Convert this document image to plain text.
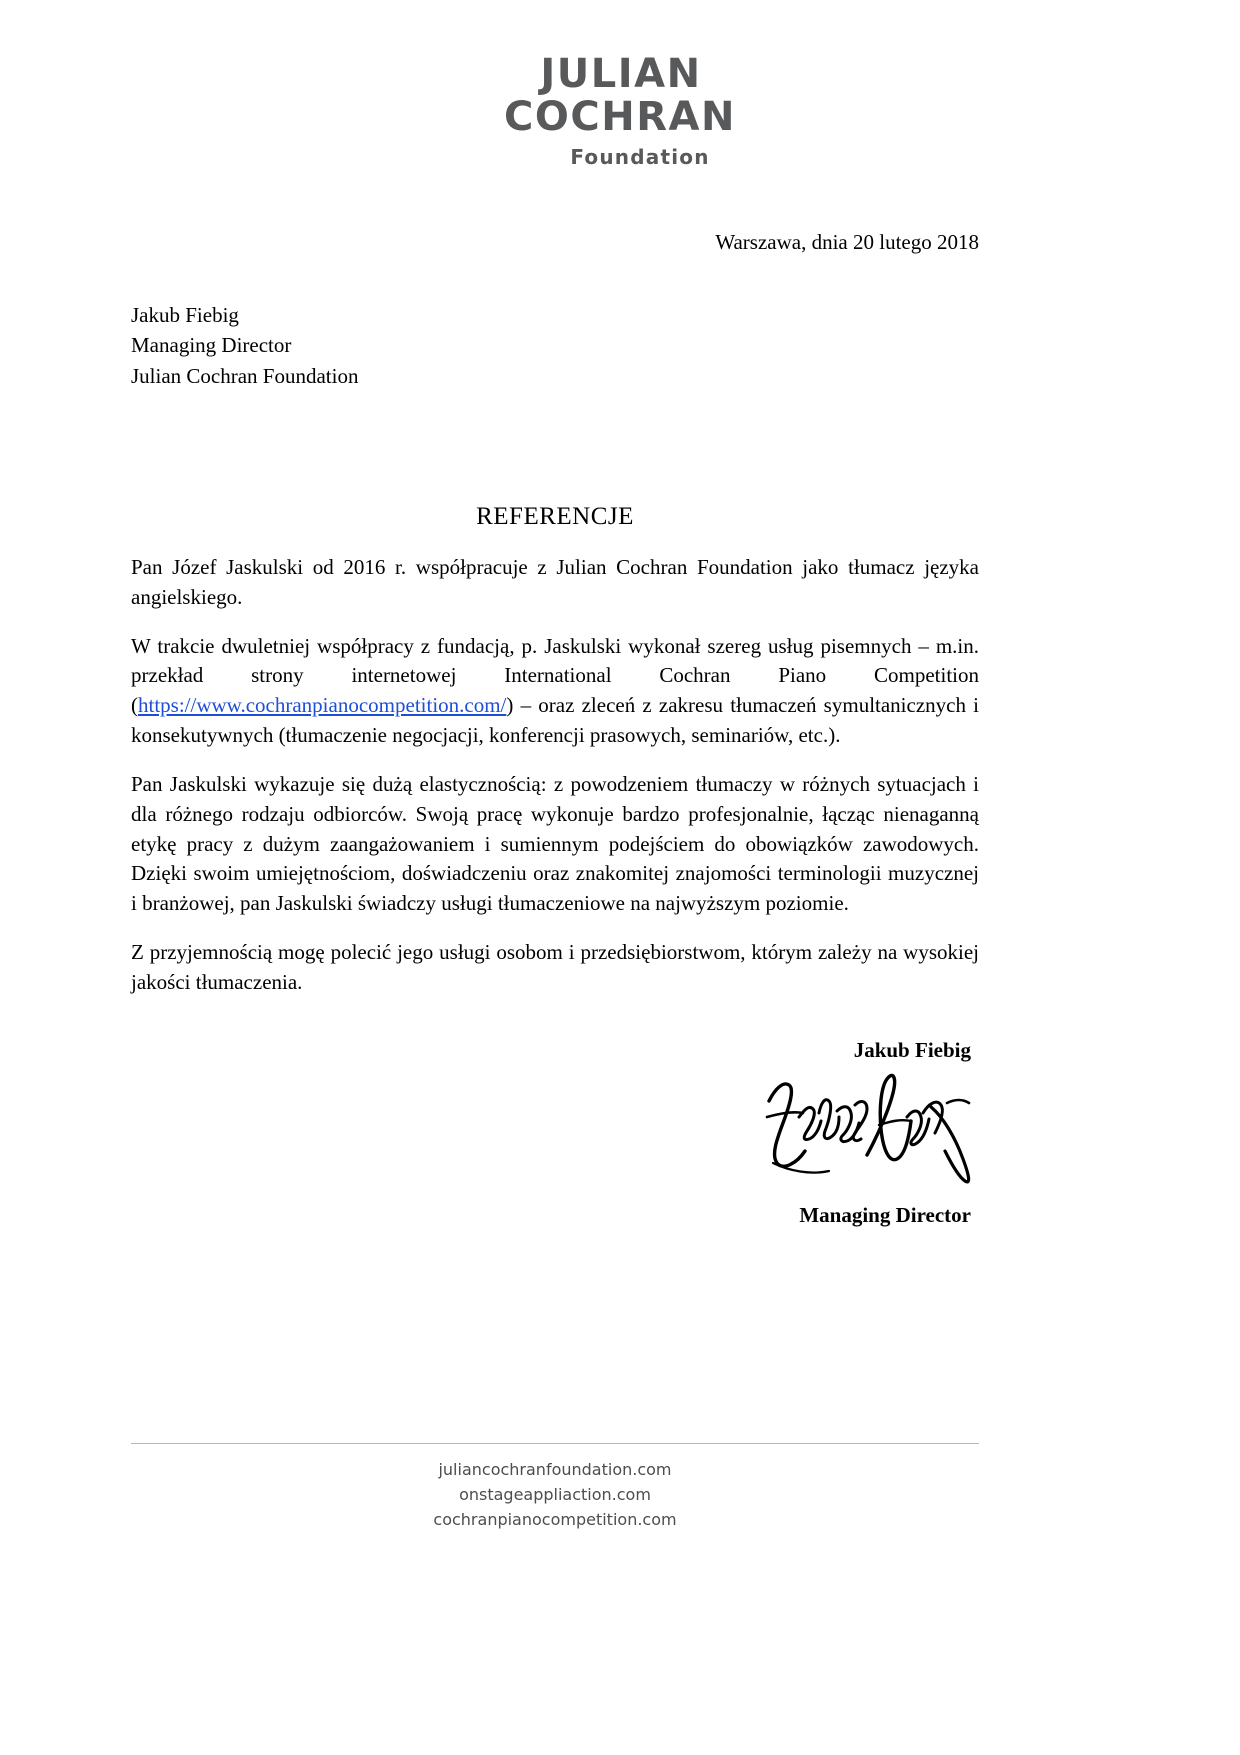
JULIAN
COCHRAN
Foundation
Warszawa, dnia 20 lutego 2018
Jakub Fiebig
Managing Director
Julian Cochran Foundation
REFERENCJE

Pan Józef Jaskulski od 2016 r. współpracuje z Julian Cochran Foundation jako tłumacz języka angielskiego.

W trakcie dwuletniej współpracy z fundacją, p. Jaskulski wykonał szereg usług pisemnych – m.in. przekład strony internetowej International Cochran Piano Competition (https://www.cochranpianocompetition.com/) – oraz zleceń z zakresu tłumaczeń symultanicznych i konsekutywnych (tłumaczenie negocjacji, konferencji prasowych, seminariów, etc.).

Pan Jaskulski wykazuje się dużą elastycznością: z powodzeniem tłumaczy w różnych sytuacjach i dla różnego rodzaju odbiorców. Swoją pracę wykonuje bardzo profesjonalnie, łącząc nienaganną etykę pracy z dużym zaangażowaniem i sumiennym podejściem do obowiązków zawodowych. Dzięki swoim umiejętnościom, doświadczeniu oraz znakomitej znajomości terminologii muzycznej i branżowej, pan Jaskulski świadczy usługi tłumaczeniowe na najwyższym poziomie.

Z przyjemnością mogę polecić jego usługi osobom i przedsiębiorstwom, którym zależy na wysokiej jakości tłumaczenia.

Jakub Fiebig
Managing Director
juliancochranfoundation.com
onstageappliaction.com
cochranpianocompetition.com
